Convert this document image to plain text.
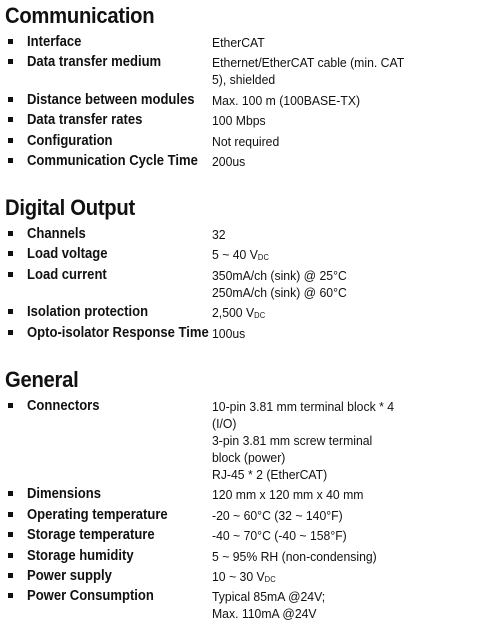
Communication
Interface	EtherCAT
Data transfer medium	Ethernet/EtherCAT cable (min. CAT
5), shielded
Distance between modules Max. 100 m (100BASE-TX)
Data transfer rates	100 Mbps
Configuration	Not required
Communication Cycle Time 200us
Digital Output
Channels	32
Load voltage	5 ~ 40 VDC
Load current	350mA/ch (sink) @ 25°C
250mA/ch (sink) @ 60°C
Isolation protection	2,500 VDC
Opto-isolator Response Time 100us
General
Connectors	10-pin 3.81 mm terminal block * 4
(I/O)
3-pin 3.81 mm screw terminal
block (power)
RJ-45 * 2 (EtherCAT)
Dimensions	120 mm x 120 mm x 40 mm
Operating temperature	-20 ~ 60°C (32 ~ 140°F)
Storage temperature	-40 ~ 70°C (-40 ~ 158°F)
Storage humidity	5 ~ 95% RH (non-condensing)
Power supply	10 ~ 30 VDC
Power Consumption	Typical 85mA @24V;
Max. 110mA @24V
